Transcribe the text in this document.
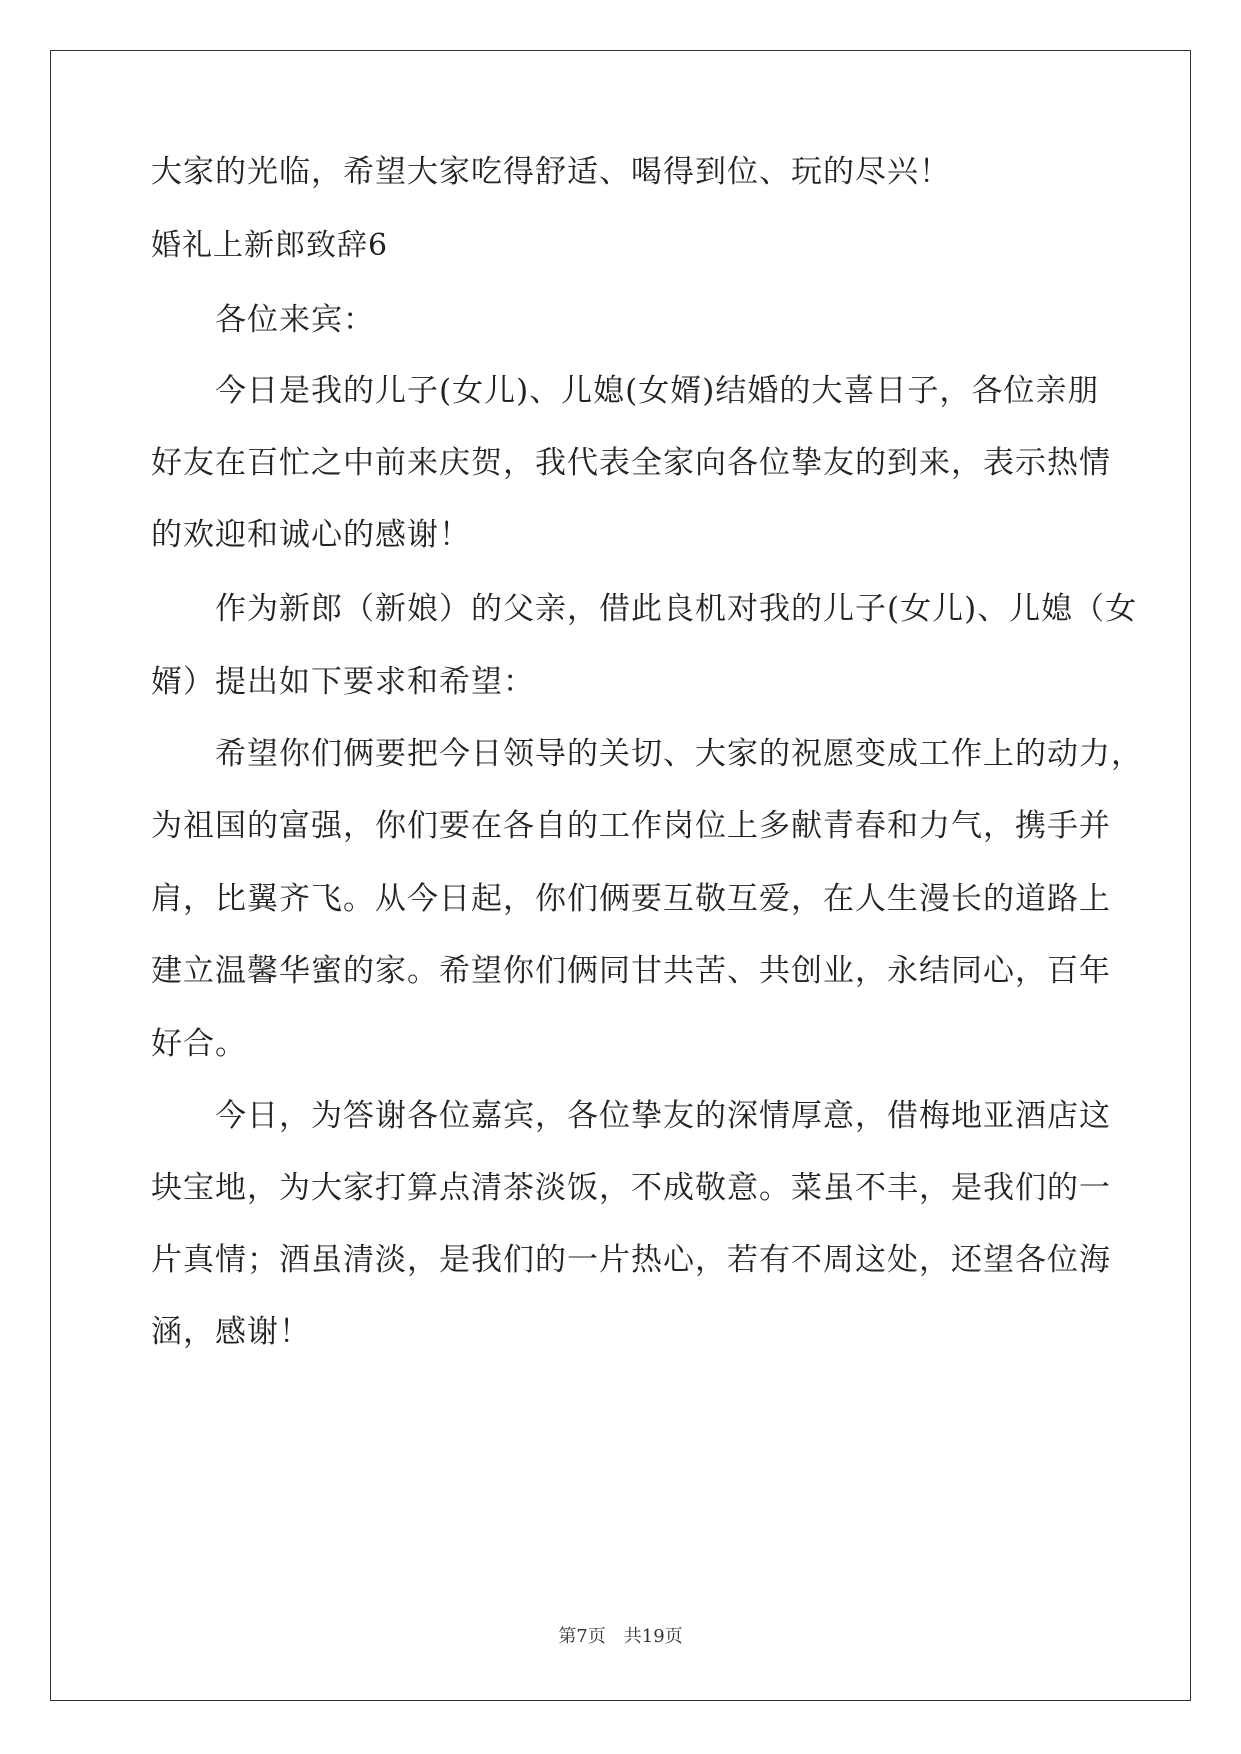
大家的光临，希望大家吃得舒适、喝得到位、玩的尽兴！
婚礼上新郎致辞6
各位来宾：
今日是我的儿子(女儿)、儿媳(女婿)结婚的大喜日子，各位亲朋
好友在百忙之中前来庆贺，我代表全家向各位挚友的到来，表示热情
的欢迎和诚心的感谢！
作为新郎（新娘）的父亲，借此良机对我的儿子(女儿)、儿媳（女
婿）提出如下要求和希望：
希望你们俩要把今日领导的关切、大家的祝愿变成工作上的动力，
为祖国的富强，你们要在各自的工作岗位上多献青春和力气，携手并
肩，比翼齐飞。从今日起，你们俩要互敬互爱，在人生漫长的道路上
建立温馨华蜜的家。希望你们俩同甘共苦、共创业，永结同心，百年
好合。
今日，为答谢各位嘉宾，各位挚友的深情厚意，借梅地亚酒店这
块宝地，为大家打算点清茶淡饭，不成敬意。菜虽不丰，是我们的一
片真情；酒虽清淡，是我们的一片热心，若有不周这处，还望各位海
涵，感谢！
第7页 共19页
